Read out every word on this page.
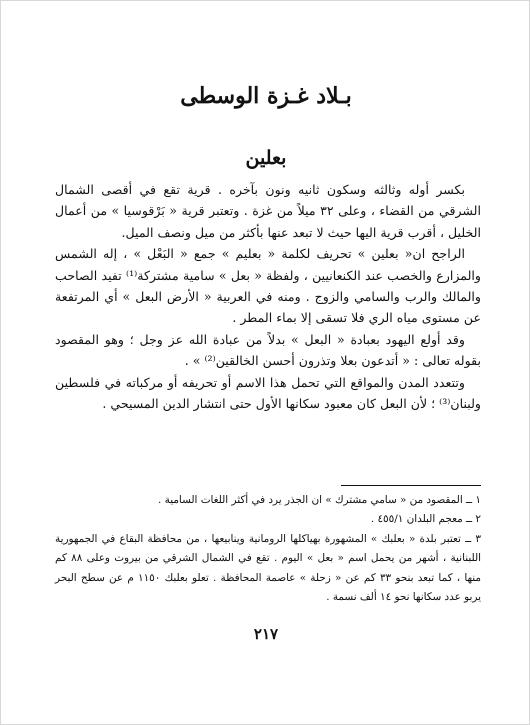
بـلاد غـزة الوسطى
بعلين

بكسر أوله وثالثه وسكون ثانيه ونون بآخره . قرية تقع في أقصى الشمال الشرقي من القضاء ، وعلى ٣٢ ميلاً من غزة . وتعتبر قرية « بَرْقوسيا » من أعمال الخليل ، أقرب قرية اليها حيث لا تبعد عنها بأكثر من ميل ونصف الميل.

الراجح ان« بعلين » تحريف لكلمة « بعليم » جمع « البَعْل » ، إله الشمس والمزارع والخصب عند الكنعانيين ، ولفظة « بعل » سامية مشتركة⁽¹⁾ تفيد الصاحب والمالك والرب والسامي والزوج . ومنه في العربية « الأرض البعل » أي المرتفعة عن مستوى مياه الري فلا تسقى إلا بماء المطر .

وقد أولع اليهود بعبادة « البعل » بدلاً من عبادة الله عز وجل ؛ وهو المقصود بقوله تعالى : « أتدعون بعلا وتذرون أحسن الخالقين⁽²⁾ » .

وتتعدد المدن والمواقع التي تحمل هذا الاسم أو تحريفه أو مركباته في فلسطين ولبنان⁽³⁾ ؛ لأن البعل كان معبود سكانها الأول حتى انتشار الدين المسيحي .

١ ــ المقصود من « سامي مشترك » ان الجذر يرد في أكثر اللغات السامية .

٢ ــ معجم البلدان ٤٥٥/١ .

٣ ــ تعتبر بلدة « بعلبك » المشهورة بهياكلها الرومانية وينابيعها ، من محافظة البقاع في الجمهورية اللبنانية ، أشهر من يحمل اسم « بعل » اليوم . تقع في الشمال الشرقي من بيروت وعلى ٨٨ كم منها ، كما تبعد بنحو ٣٣ كم عن « زحلة » عاصمة المحافظة . تعلو بعلبك ١١٥٠ م عن سطح البحر يربو عدد سكانها نحو ١٤ ألف نسمة .

٢١٧
